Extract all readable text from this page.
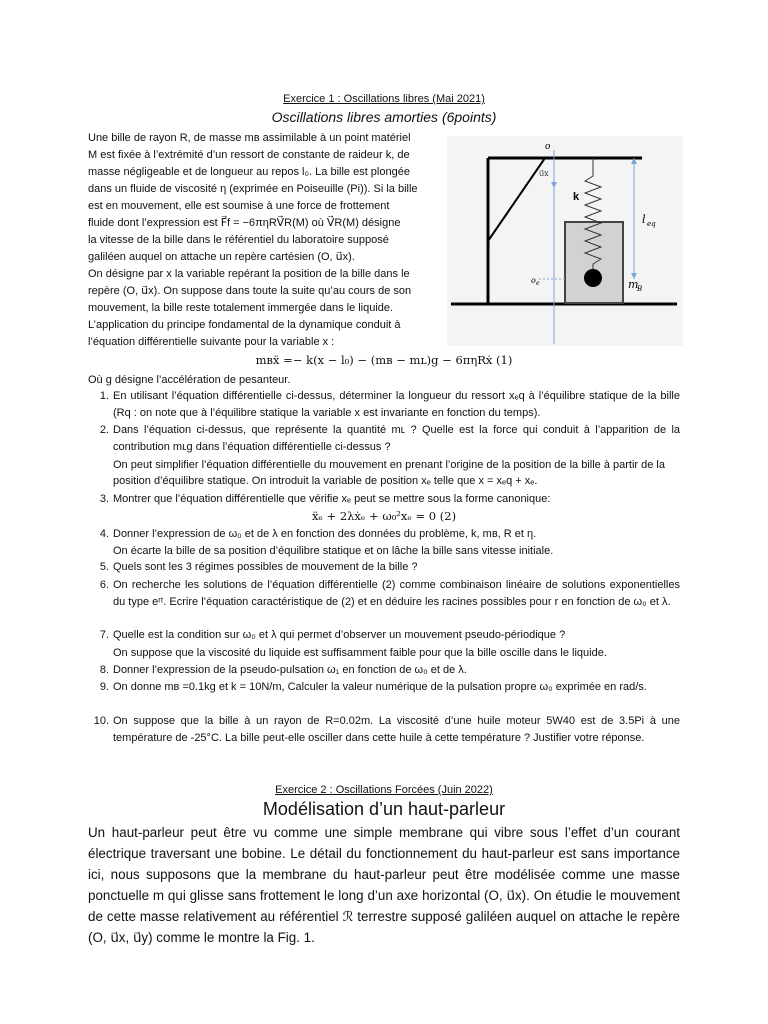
Exercice 1 : Oscillations libres (Mai 2021)
Oscillations libres amorties (6points)

Une bille de rayon R, de masse mʙ assimilable à un point matériel

M est fixée à l’extrémité d’un ressort de constante de raideur k, de

masse négligeable et de longueur au repos l₀. La bille est plongée

dans un fluide de viscosité η (exprimée en Poiseuille (Pi)). Si la bille

est en mouvement, elle est soumise à une force de frottement

fluide dont l’expression est F⃗f = −6πηRV⃗R(M) où V⃗R(M) désigne

la vitesse de la bille dans le référentiel du laboratoire supposé

galiléen auquel on attache un repère cartésien (O, u⃗x).

On désigne par x la variable repérant la position de la bille dans le

repère (O, u⃗x). On suppose dans toute la suite qu’au cours de son

mouvement, la bille reste totalement immergée dans le liquide.

L’application du principe fondamental de la dynamique conduit à

l’équation différentielle suivante pour la variable x :

o
u⃗x
k
l eq
o e	m
B
mʙẍ =− k(x − l₀) − (mʙ − mʟ)g − 6πηRẋ (1)
Où g désigne l’accélération de pesanteur.
1. En utilisant l’équation différentielle ci-dessus, déterminer la longueur du ressort xₑq à l’équilibre statique de la bille (Rq : on note que à l’équilibre statique la variable x est invariante en fonction du temps).
2. Dans l’équation ci-dessus, que représente la quantité mʟ ? Quelle est la force qui conduit à l’apparition de la contribution mʟg dans l’équation différentielle ci-dessus ?
On peut simplifier l’équation différentielle du mouvement en prenant l’origine de la position de la bille à partir de la position d’équilibre statique. On introduit la variable de position xₑ telle que x = xₑq + xₑ.
3. Montrer que l’équation différentielle que vérifie xₑ peut se mettre sous la forme canonique:
ẍₑ + 2λẋₑ + ω₀²xₑ = 0 (2)
4. Donner l’expression de ω₀ et de λ en fonction des données du problème, k, mʙ, R et η.
On écarte la bille de sa position d’équilibre statique et on lâche la bille sans vitesse initiale.
5. Quels sont les 3 régimes possibles de mouvement de la bille ?
6. On recherche les solutions de l’équation différentielle (2) comme combinaison linéaire de solutions exponentielles du type eʳᵗ. Ecrire l’équation caractéristique de (2) et en déduire les racines possibles pour r en fonction de ω₀ et λ.
7. Quelle est la condition sur ω₀ et λ qui permet d’observer un mouvement pseudo-périodique ?
On suppose que la viscosité du liquide est suffisamment faible pour que la bille oscille dans le liquide.
8. Donner l’expression de la pseudo-pulsation ω₁ en fonction de ω₀ et de λ.
9. On donne mʙ =0.1kg et k = 10N/m, Calculer la valeur numérique de la pulsation propre ω₀ exprimée en rad/s.
10. On suppose que la bille à un rayon de R=0.02m. La viscosité d’une huile moteur 5W40 est de 3.5Pi à une température de -25°C. La bille peut-elle osciller dans cette huile à cette température ? Justifier votre réponse.
Exercice 2 : Oscillations Forcées (Juin 2022)
Modélisation d’un haut-parleur

Un haut-parleur peut être vu comme une simple membrane qui vibre sous l’effet d’un courant électrique traversant une bobine. Le détail du fonctionnement du haut-parleur est sans importance ici, nous supposons que la membrane du haut-parleur peut être modélisée comme une masse ponctuelle m qui glisse sans frottement le long d’un axe horizontal (O, u⃗x). On étudie le mouvement de cette masse relativement au référentiel ℛ terrestre supposé galiléen auquel on attache le repère (O, u⃗x, u⃗y) comme le montre la Fig. 1.
